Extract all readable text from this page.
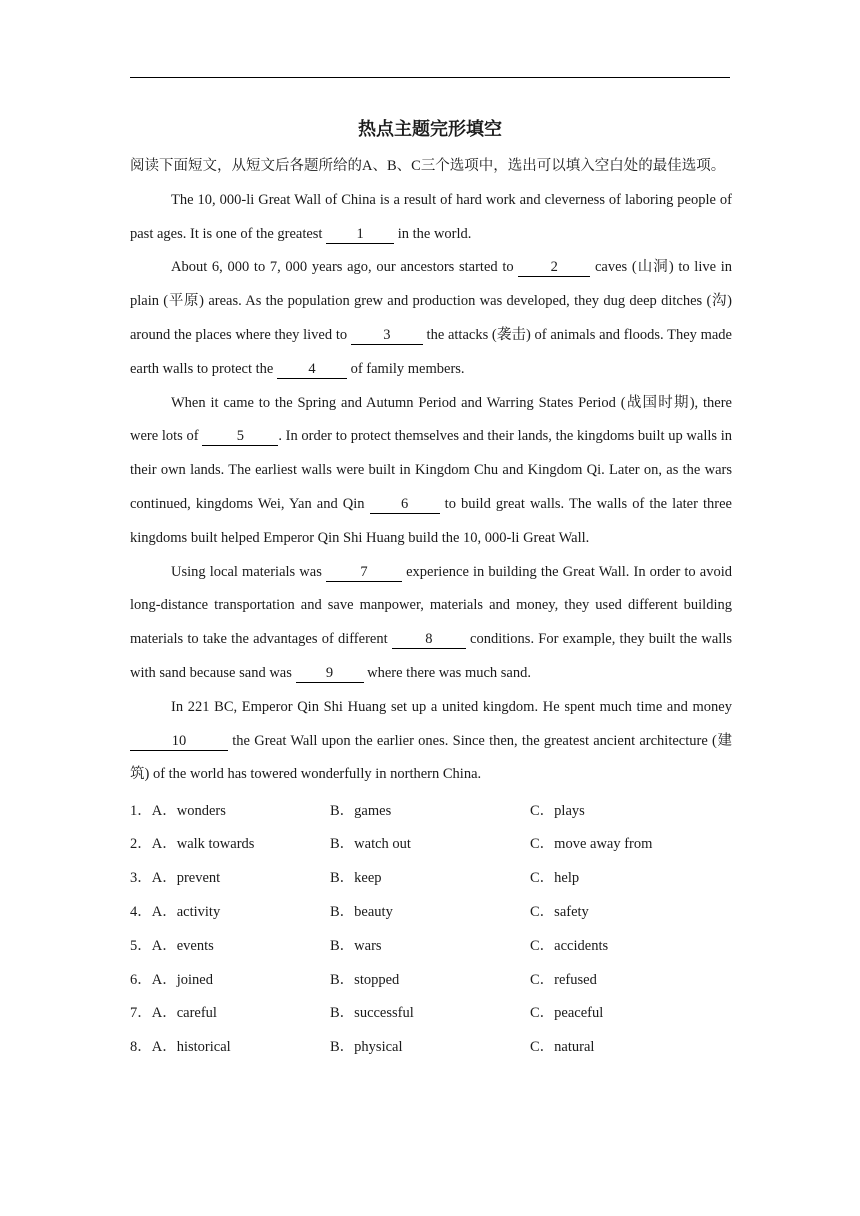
热点主题完形填空

阅读下面短文，从短文后各题所给的A、B、C三个选项中，选出可以填入空白处的最佳选项。

The 10, 000-li Great Wall of China is a result of hard work and cleverness of laboring people of past ages. It is one of the greatest 1 in the world.

About 6, 000 to 7, 000 years ago, our ancestors started to 2 caves (山洞) to live in plain (平原) areas. As the population grew and production was developed, they dug deep ditches (沟) around the places where they lived to 3 the attacks (袭击) of animals and floods. They made earth walls to protect the 4 of family members.

When it came to the Spring and Autumn Period and Warring States Period (战国时期), there were lots of 5 . In order to protect themselves and their lands, the kingdoms built up walls in their own lands. The earliest walls were built in Kingdom Chu and Kingdom Qi. Later on, as the wars continued, kingdoms Wei, Yan and Qin 6 to build great walls. The walls of the later three kingdoms built helped Emperor Qin Shi Huang build the 10, 000-li Great Wall.

Using local materials was 7 experience in building the Great Wall. In order to avoid long-distance transportation and save manpower, materials and money, they used different building materials to take the advantages of different 8 conditions. For example, they built the walls with sand because sand was 9 where there was much sand.

In 221 BC, Emperor Qin Shi Huang set up a united kingdom. He spent much time and money 10	the Great Wall upon the earlier ones. Since then, the greatest ancient architecture (建筑) of the world has towered wonderfully in northern China.

1．A．wonders	B．games	C．plays
2．A．walk towards	B．watch out	C．move away from
3．A．prevent	B．keep	C．help
4．A．activity	B．beauty	C．safety
5．A．events	B．wars	C．accidents
6．A．joined	B．stopped	C．refused
7．A．careful	B．successful	C．peaceful
8．A．historical	B．physical	C．natural
